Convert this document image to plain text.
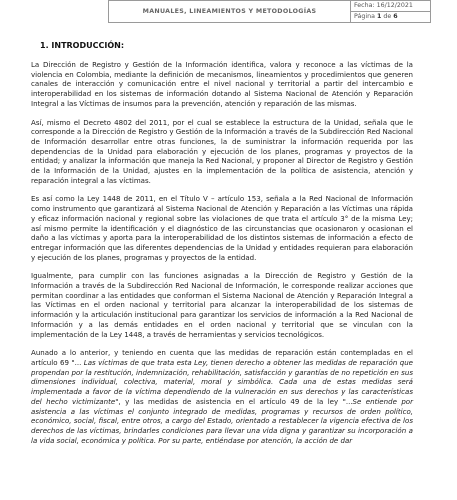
MANUALES, LINEAMIENTOS Y METODOLOGÍAS	Fecha: 16/12/2021
Página 1 de 6
1. INTRODUCCIÓN:

La Dirección de Registro y Gestión de la Información identifica, valora y reconoce a las víctimas de la violencia en Colombia, mediante la definición de mecanismos, lineamientos y procedimientos que generen canales de interacción y comunicación entre el nivel nacional y territorial a partir del intercambio e interoperabilidad en los sistemas de información dotando al Sistema Nacional de Atención y Reparación Integral a las Víctimas de insumos para la prevención, atención y reparación de las mismas.

Así, mismo el Decreto 4802 del 2011, por el cual se establece la estructura de la Unidad, señala que le corresponde a la Dirección de Registro y Gestión de la Información a través de la Subdirección Red Nacional de Información desarrollar entre otras funciones, la de suministrar la información requerida por las dependencias de la Unidad para elaboración y ejecución de los planes, programas y proyectos de la entidad; y analizar la información que maneja la Red Nacional, y proponer al Director de Registro y Gestión de la Información de la Unidad, ajustes en la implementación de la política de asistencia, atención y reparación integral a las víctimas.

Es así como la Ley 1448 de 2011, en el Título V – artículo 153, señala a la Red Nacional de Información como instrumento que garantizará al Sistema Nacional de Atención y Reparación a las Víctimas una rápida y eficaz información nacional y regional sobre las violaciones de que trata el artículo 3° de la misma Ley; así mismo permite la identificación y el diagnóstico de las circunstancias que ocasionaron y ocasionan el daño a las víctimas y aporta para la interoperabilidad de los distintos sistemas de información a efecto de entregar información que las diferentes dependencias de la Unidad y entidades requieran para elaboración y ejecución de los planes, programas y proyectos de la entidad.

Igualmente, para cumplir con las funciones asignadas a la Dirección de Registro y Gestión de la Información a través de la Subdirección Red Nacional de Información, le corresponde realizar acciones que permitan coordinar a las entidades que conforman el Sistema Nacional de Atención y Reparación Integral a las Víctimas en el orden nacional y territorial para alcanzar la interoperabilidad de los sistemas de información y la articulación institucional para garantizar los servicios de información a la Red Nacional de Información y a las demás entidades en el orden nacional y territorial que se vinculan con la implementación de la Ley 1448, a través de herramientas y servicios tecnológicos.

Aunado a lo anterior, y teniendo en cuenta que las medidas de reparación están contempladas en el artículo 69 "... Las víctimas de que trata esta Ley, tienen derecho a obtener las medidas de reparación que propendan por la restitución, indemnización, rehabilitación, satisfacción y garantías de no repetición en sus dimensiones individual, colectiva, material, moral y simbólica. Cada una de estas medidas será implementada a favor de la víctima dependiendo de la vulneración en sus derechos y las características del hecho victimizante", y las medidas de asistencia en el artículo 49 de la ley "...Se entiende por asistencia a las víctimas el conjunto integrado de medidas, programas y recursos de orden político, económico, social, fiscal, entre otros, a cargo del Estado, orientado a restablecer la vigencia efectiva de los derechos de las víctimas, brindarles condiciones para llevar una vida digna y garantizar su incorporación a la vida social, económica y política. Por su parte, entiéndase por atención, la acción de dar
